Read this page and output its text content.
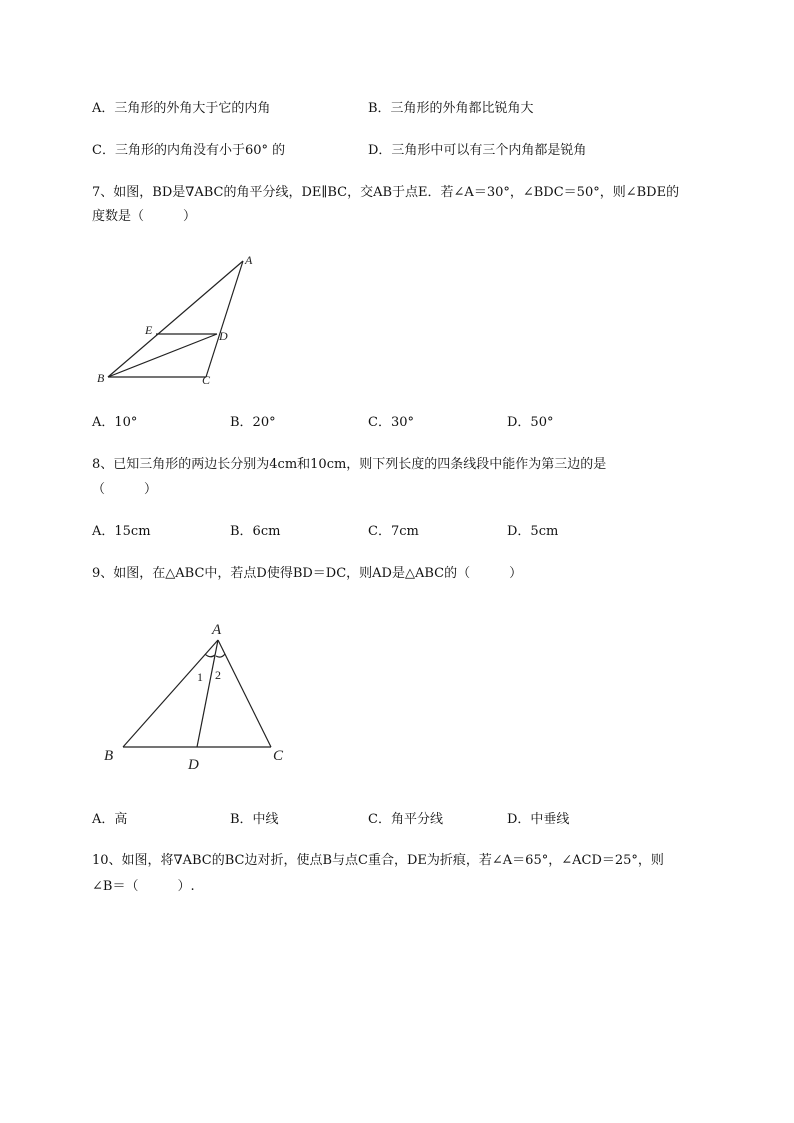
A．三角形的外角大于它的内角	B．三角形的外角都比锐角大
C．三角形的内角没有小于60° 的	D．三角形中可以有三个内角都是锐角
7、如图，BD是∇ABC的角平分线，DE∥BC，交AB于点E．若∠A＝30°，∠BDC＝50°，则∠BDE的
度数是（　　　）
A
B	C
D
E
A．10°	B．20°	C．30°	D．50°
8、已知三角形的两边长分别为4cm和10cm，则下列长度的四条线段中能作为第三边的是
（　　　）
A．15cm	B．6cm	C．7cm	D．5cm
9、如图，在△ABC中，若点D使得BD＝DC，则AD是△ABC的（　　　）
A
B	C
D
1 2
A．高	B．中线	C．角平分线	D．中垂线
10、如图，将∇ABC的BC边对折，使点B与点C重合，DE为折痕，若∠A＝65°，∠ACD＝25°，则
∠B＝（　　　）.
